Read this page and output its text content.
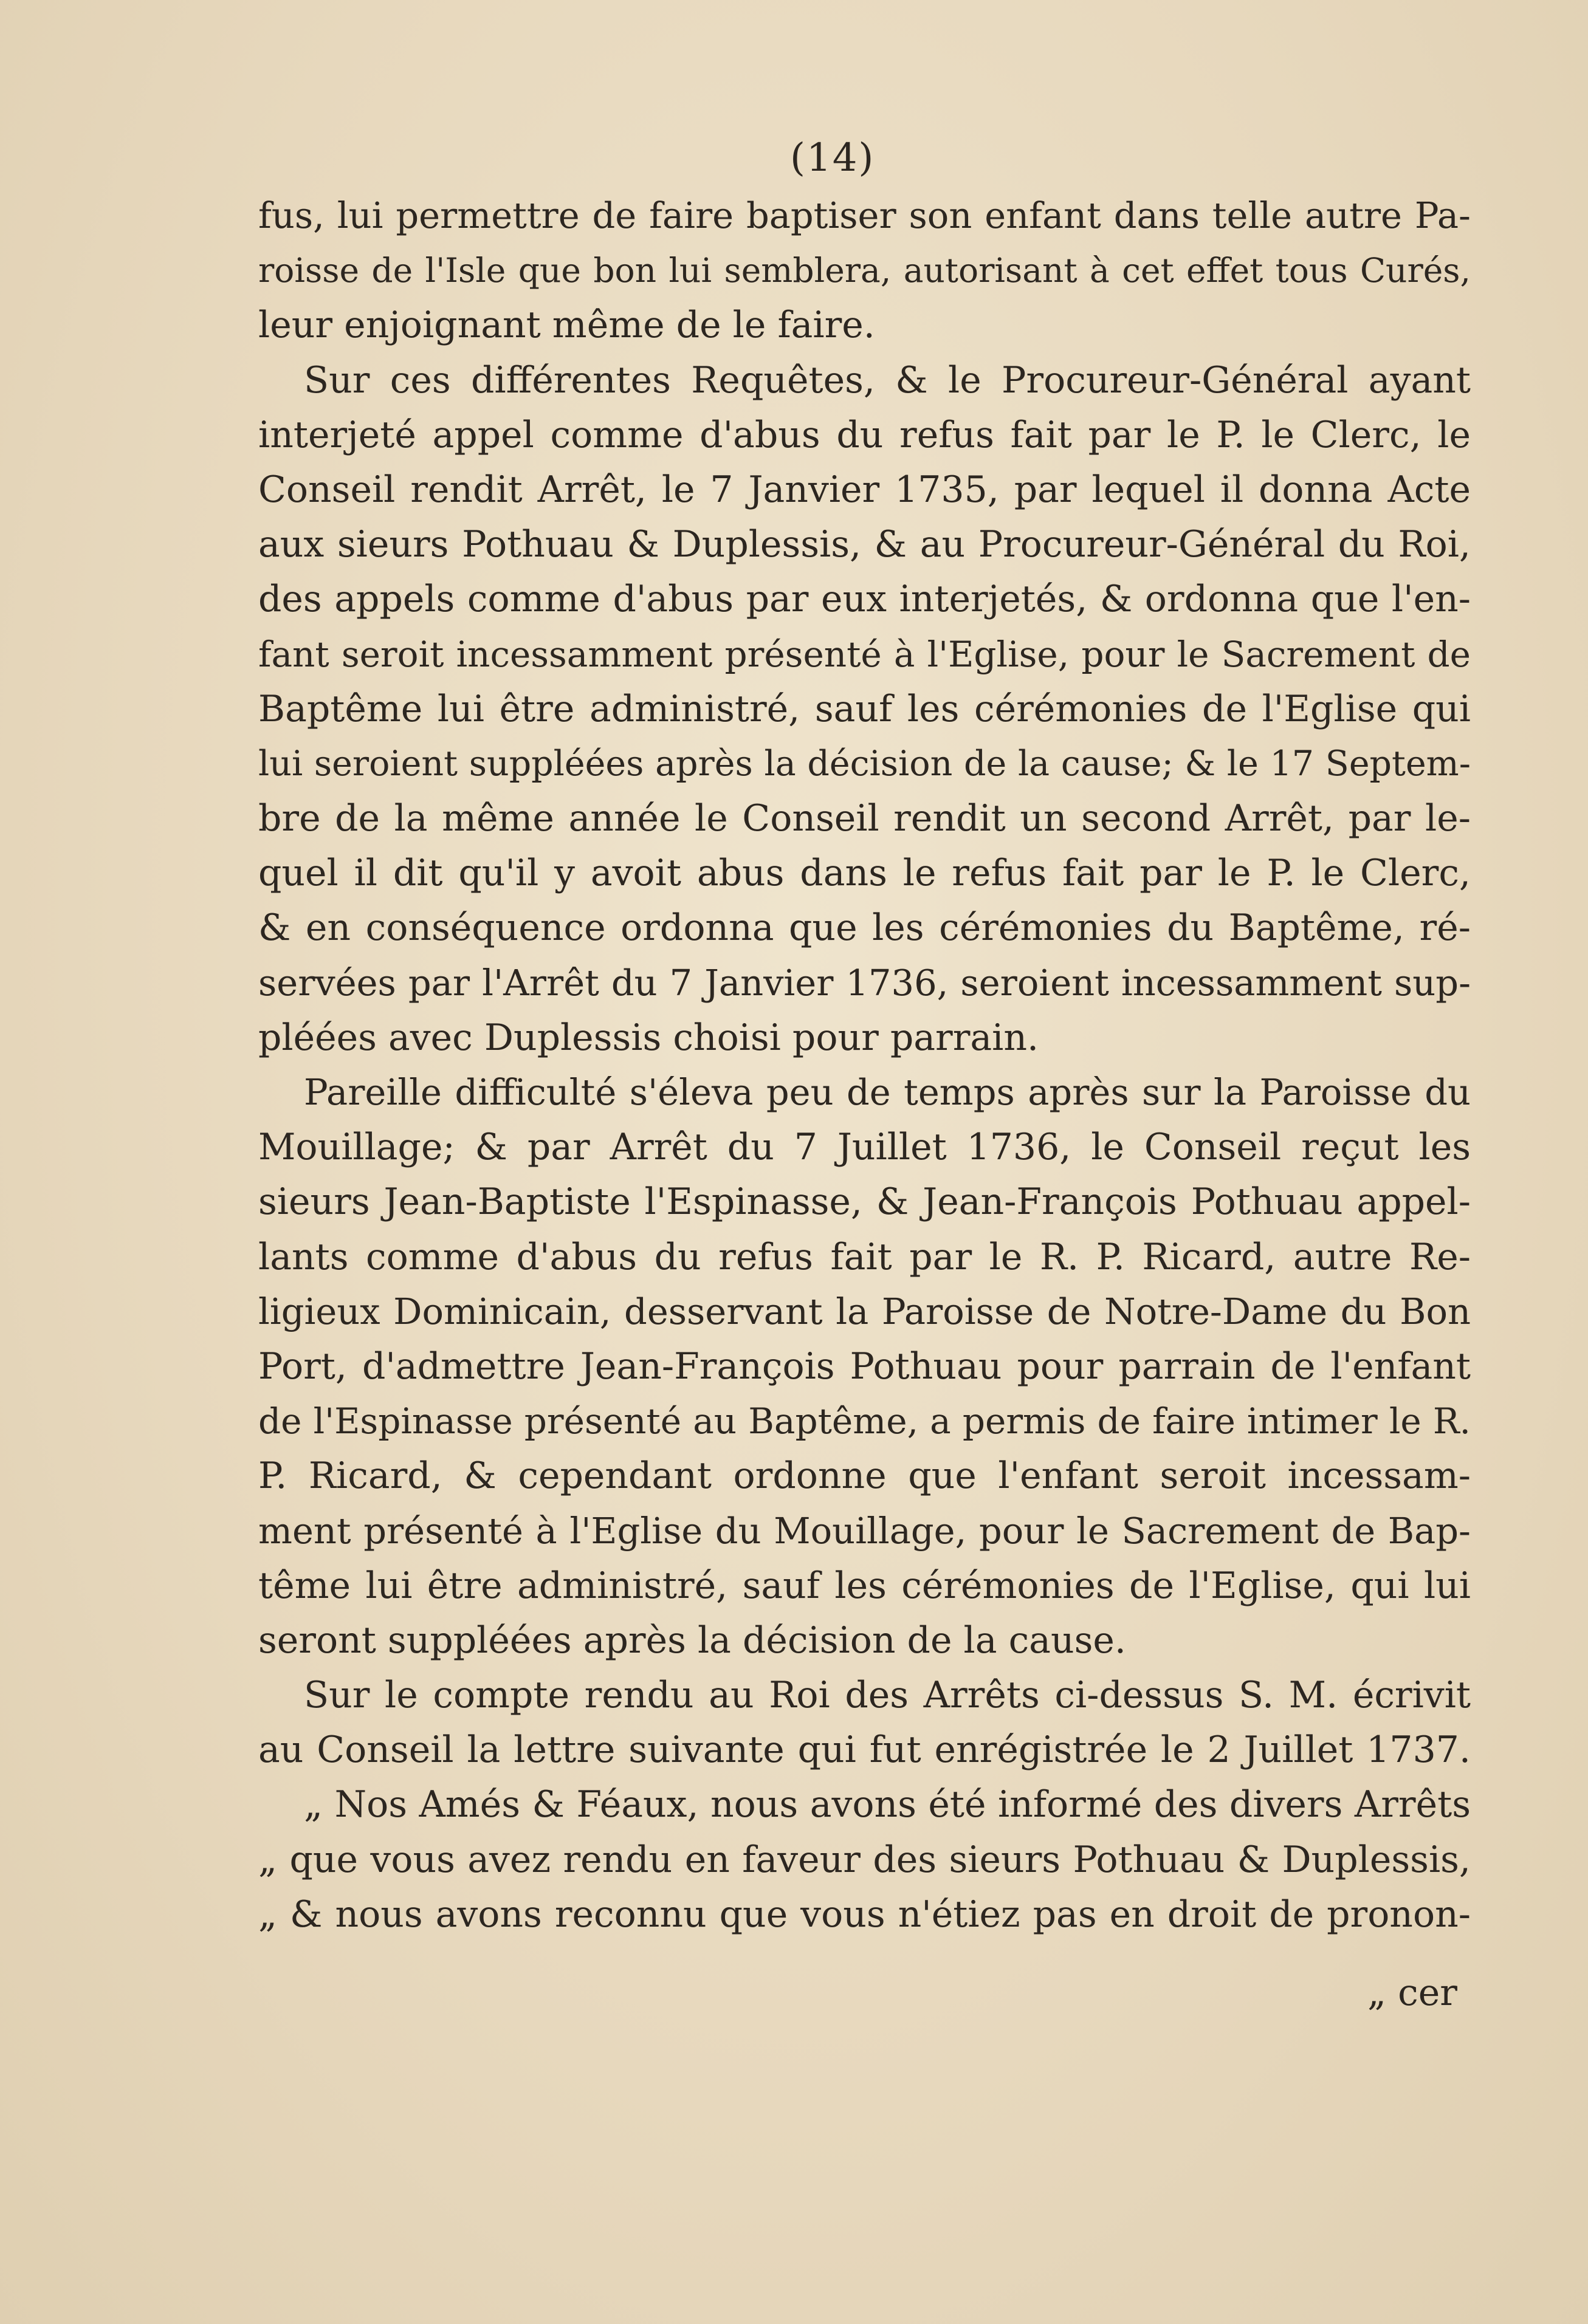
(14)
fus, lui permettre de faire baptiser son enfant dans telle autre Pa-
roisse de l'Isle que bon lui semblera, autorisant à cet effet tous Curés,
leur enjoignant même de le faire.
Sur ces différentes Requêtes, & le Procureur-Général ayant
interjeté appel comme d'abus du refus fait par le P. le Clerc, le
Conseil rendit Arrêt, le 7 Janvier 1735, par lequel il donna Acte
aux sieurs Pothuau & Duplessis, & au Procureur-Général du Roi,
des appels comme d'abus par eux interjetés, & ordonna que l'en-
fant seroit incessamment présenté à l'Eglise, pour le Sacrement de
Baptême lui être administré, sauf les cérémonies de l'Eglise qui
lui seroient suppléées après la décision de la cause; & le 17 Septem-
bre de la même année le Conseil rendit un second Arrêt, par le-
quel il dit qu'il y avoit abus dans le refus fait par le P. le Clerc,
& en conséquence ordonna que les cérémonies du Baptême, ré-
servées par l'Arrêt du 7 Janvier 1736, seroient incessamment sup-
pléées avec Duplessis choisi pour parrain.
Pareille difficulté s'éleva peu de temps après sur la Paroisse du
Mouillage; & par Arrêt du 7 Juillet 1736, le Conseil reçut les
sieurs Jean-Baptiste l'Espinasse, & Jean-François Pothuau appel-
lants comme d'abus du refus fait par le R. P. Ricard, autre Re-
ligieux Dominicain, desservant la Paroisse de Notre-Dame du Bon
Port, d'admettre Jean-François Pothuau pour parrain de l'enfant
de l'Espinasse présenté au Baptême, a permis de faire intimer le R.
P. Ricard, & cependant ordonne que l'enfant seroit incessam-
ment présenté à l'Eglise du Mouillage, pour le Sacrement de Bap-
tême lui être administré, sauf les cérémonies de l'Eglise, qui lui
seront suppléées après la décision de la cause.
Sur le compte rendu au Roi des Arrêts ci-dessus S. M. écrivit
au Conseil la lettre suivante qui fut enrégistrée le 2 Juillet 1737.
„ Nos Amés & Féaux, nous avons été informé des divers Arrêts
„ que vous avez rendu en faveur des sieurs Pothuau & Duplessis,
„ & nous avons reconnu que vous n'étiez pas en droit de pronon-
„ cer
